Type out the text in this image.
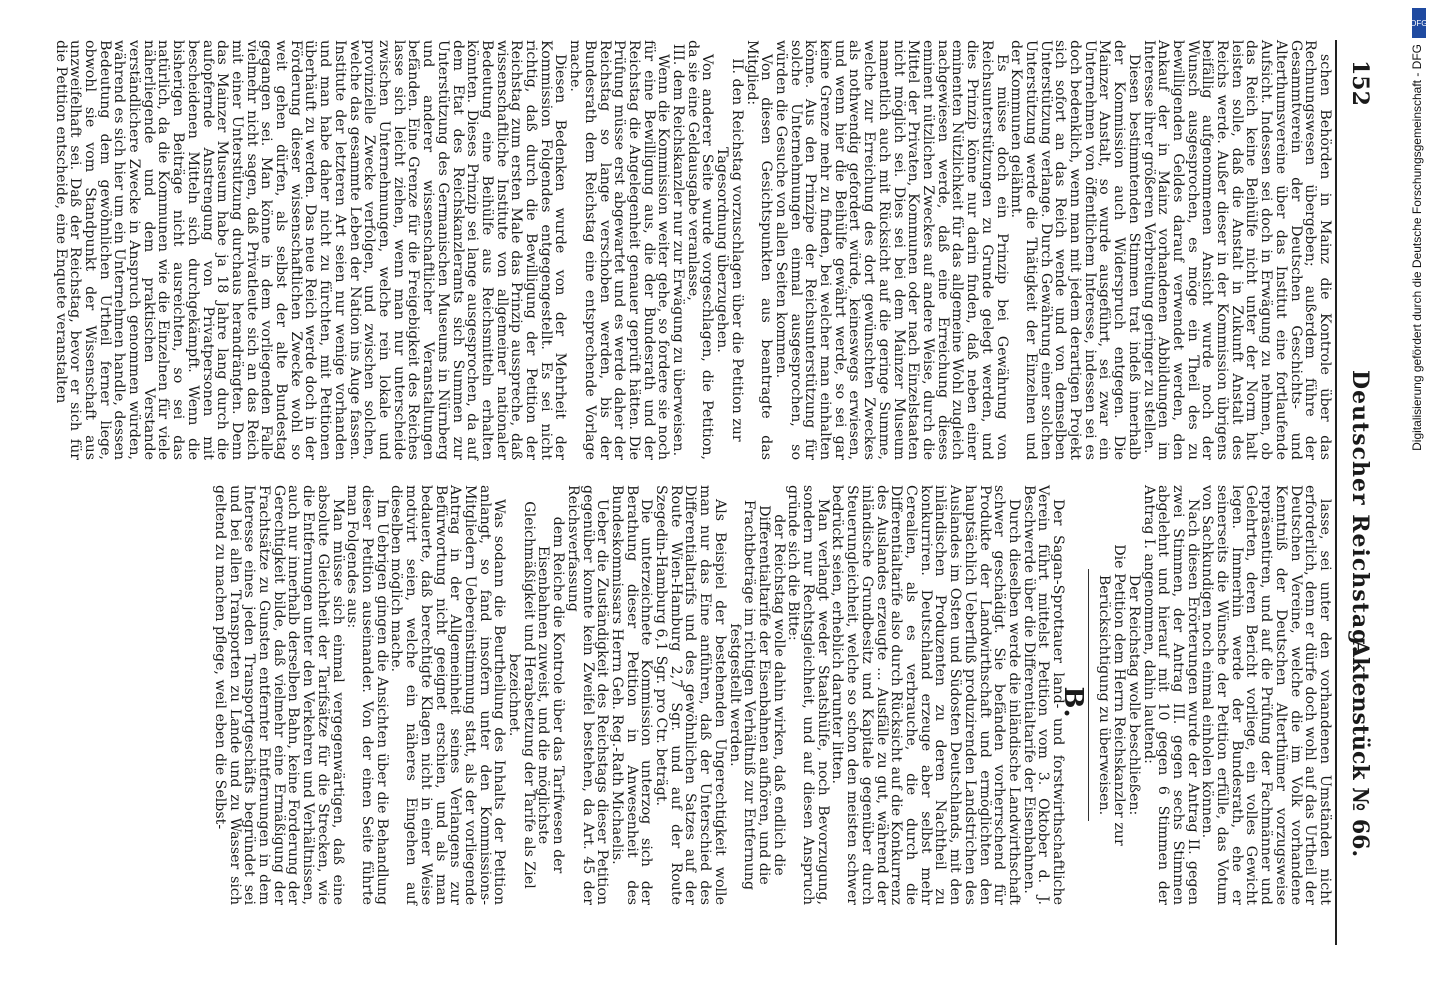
152
Deutscher Reichstag.
Aktenstück № 66.

schen Behörden in Mainz die Kontrole über das Rechnungswesen übergeben; außerdem führe der Gesammtverein der Deutschen Geschichts- und Alterthumsvereine über das Institut eine fortlaufende Aufsicht. Indessen sei doch in Erwägung zu nehmen, ob das Reich keine Beihülfe nicht unter der Norm halt leisten solle, daß die Anstalt in Zukunft Anstalt des Reichs werde. Außer dieser in der Kommission übrigens beifällig aufgenommenen Ansicht wurde noch der Wunsch ausgesprochen, es möge ein Theil des zu bewilligenden Geldes darauf verwendet werden, den Ankauf der in Mainz vorhandenen Abbildungen im Interesse ihrer größeren Verbreitung geringer zu stellen.

Diesen bestimmtenden Stimmen trat indeß innerhalb der Kommission auch Widerspruch entgegen. Die Mainzer Anstalt, so wurde ausgeführt, sei zwar ein Unternehmen von öffentlichem Interesse, indessen sei es doch bedenklich, wenn man mit jedem derartigen Projekt sich sofort an das Reich wende und von demselben Unterstützung verlange. Durch Gewährung einer solchen Unterstützung werde die Thätigkeit der Einzelnen und der Kommunen gelähmt.

Es müsse doch ein Prinzip bei Gewährung von Reichsunterstützungen zu Grunde gelegt werden, und dies Prinzip könne nur darin finden, daß neben einer eminenten Nützlichkeit für das allgemeine Wohl zugleich nachgewiesen werde, daß eine Erreichung dieses eminent nützlichen Zweckes auf andere Weise, durch die Mittel der Privaten, Kommunen oder nach Einzelstaaten nicht möglich sei. Dies sei bei dem Mainzer Museum namentlich auch mit Rücksicht auf die geringe Summe, welche zur Erreichung des dort gewünschten Zweckes als nothwendig gefordert würde, keineswegs erwiesen, und wenn hier die Beihülfe gewährt werde, so sei gar keine Grenze mehr zu finden, bei welcher man einhalten könne. Aus den Prinzipe der Reichsunterstützung für solche Unternehmungen einmal ausgesprochen, so würden die Gesuche von allen Seiten kommen.

Von diesen Gesichtspunkten aus beantragte das Mitglied:

II. den Reichstag vorzuschlagen über die Petition zur Tagesordnung überzugehen.

Von anderer Seite wurde vorgeschlagen, die Petition, da sie eine Geldausgabe veranlasse,

III. dem Reichskanzler nur zur Erwägung zu überweisen.

Wenn die Kommission weiter gehe, so fordere sie noch für eine Bewilligung aus, die der Bundesrath und der Reichstag die Angelegenheit genauer geprüft hätten. Die Prüfung müsse erst abgewartet und es werde daher der Reichstag so lange verschoben werden, bis der Bundesrath dem Reichstag eine entsprechende Vorlage mache.

Diesen Bedenken wurde von der Mehrheit der Kommission Folgendes entgegengestellt. Es sei nicht richtig, daß durch die Bewilligung der Petition der Reichstag zum ersten Male das Prinzip ausspreche, daß wissenschaftliche Institute von allgemeiner nationaler Bedeutung eine Beihülfe aus Reichsmitteln erhalten könnten. Dieses Prinzip sei lange ausgesprochen, da auf dem Etat des Reichskanzleramts sich Summen zur Unterstützung des Germanischen Museums in Nürnberg und anderer wissenschaftlicher Veranstaltungen befänden. Eine Grenze für die Freigebigkeit des Reiches lasse sich leicht ziehen, wenn man nur unterscheide zwischen Unternehmungen, welche rein lokale und provinzielle Zwecke verfolgen, und zwischen solchen, welche das gesammte Leben der Nation ins Auge fassen. Institute der letzteren Art seien nur wenige vorhanden und man habe daher nicht zu fürchten, mit Petitionen überhäuft zu werden. Das neue Reich werde doch in der Förderung dieser wissenschaftlichen Zwecke wohl so weit gehen dürfen, als selbst der alte Bundestag gegangen sei. Man könne in dem vorliegenden Falle vielmehr nicht sagen, daß Privatleute sich an das Reich mit einer Unterstützung durchaus herandrängten. Denn das Mainzer Museum habe ja 18 Jahre lang durch die aufopfernde Anstrengung von Privatpersonen mit bescheidenen Mitteln sich durchgekämpft. Wenn die bisherigen Beiträge nicht ausreichten, so sei das natürlich, da die Kommunen wie die Einzelnen für viele näherliegende und dem praktischen Verstande verständlichere Zwecke in Anspruch genommen würden, während es sich hier um ein Unternehmen handle, dessen Bedeutung dem gewöhnlichen Urtheil ferner liege, obwohl sie vom Standpunkt der Wissenschaft aus unzweifelhaft sei. Daß der Reichstag, bevor er sich für die Petition entscheide, eine Enquete veranstalten

lasse, sei unter den vorhandenen Umständen nicht erforderlich, denn er dürfe doch wohl auf das Urtheil der Deutschen Vereine, welche die im Volk vorhandene Kenntniß der Deutschen Alterthümer vorzugsweise repräsentiren, und auf die Prüfung der Fachmänner und Gelehrten, deren Bericht vorliege, ein volles Gewicht legen. Immerhin werde der Bundesrath, ehe er seinerseits die Wünsche der Petition erfülle, das Votum von Sachkundigen noch einmal einholen können.

Nach diesen Erörterungen wurde der Antrag II. gegen zwei Stimmen, der Antrag III. gegen sechs Stimmen abgelehnt und hierauf mit 10 gegen 6 Stimmen der Antrag I. angenommen, dahin lautend:

Der Reichstag wolle beschließen:

Die Petition dem Herrn Reichskanzler zur Berücksichtigung zu überweisen.

B.

Der Sagan-Sprottauer land- und forstwirthschaftliche Verein führt mittelst Petition vom 3. Oktober d. J. Beschwerde über die Differentialtarife der Eisenbahnen.

Durch dieselben werde die inländische Landwirthschaft schwer geschädigt. Sie befänden vorherrschend für Produkte der Landwirthschaft und ermöglichten den hauptsächlich Ueberfluß produzirenden Landstrichen des Auslandes im Osten und Südosten Deutschlands, mit den inländischen Produzenten zu deren Nachtheil zu konkurriren. Deutschland erzeuge aber selbst mehr Cerealien, als es verbrauche, die durch die Differentialtarife also durch Rücksicht auf die Konkurrenz des Auslandes erzeugte ... Ausfälle zu gut, während der inländische Grundbesitz und Kapitale gegenüber durch Steuerungleichheit, welche so schon den meisten schwer bedrückt seien, erheblich darunter litten.

Man verlangt weder Staatshülfe, noch Bevorzugung, sondern nur Rechtsgleichheit, und auf diesen Anspruch gründe sich die Bitte:

der Reichstag wolle dahin wirken, daß endlich die Differentialtarife der Eisenbahnen aufhören, und die Frachtbeträge im richtigen Verhältniß zur Entfernung festgestellt werden.

Als Beispiel der bestehenden Ungerechtigkeit wolle man nur das Eine anführen, daß der Unterschied des Differentialtarifs und des gewöhnlichen Satzes auf der Route Wien-Hamburg 2,7 Sgr. und auf der Route Szegedin-Hamburg 6,1 Sgr. pro Ctr. beträgt.

Die unterzeichnete Kommission unterzog sich der Berathung dieser Petition in Anwesenheit des Bundeskommissars Herrn Geh. Reg.-Rath Michaelis.

Ueber die Zuständigkeit des Reichstags dieser Petition gegenüber konnte kein Zweifel bestehen, da Art. 45 der Reichsverfassung

dem Reiche die Kontrole über das Tarifwesen der Eisenbahnen zuweist, und die möglichste Gleichmäßigkeit und Herabsetzung der Tarife als Ziel bezeichnet.

Was sodann die Beurtheilung des Inhalts der Petition anlangt, so fand insofern unter den Kommissions-Mitgliedern Uebereinstimmung statt, als der vorliegende Antrag in der Allgemeinheit seines Verlangens zur Befürwortung nicht geeignet erschien, und als man bedauerte, daß berechtigte Klagen nicht in einer Weise motivirt seien, welche ein näheres Eingehen auf dieselben möglich mache.

Im Uebrigen gingen die Ansichten über die Behandlung dieser Petition auseinander. Von der einen Seite führte man Folgendes aus:

Man müsse sich einmal vergegenwärtigen, daß eine absolute Gleichheit der Tarifsätze für die Strecken, wie die Entfernungen unter den Verkehren und Verhältnissen, auch nur innerhalb derselben Bahn, keine Forderung der Gerechtigkeit bilde, daß vielmehr eine Ermäßigung der Frachtsätze zu Gunsten entfernter Entfernungen in dem Interesse eines jeden Transportgeschäfts begründet sei und bei allen Transporten zu Lande und zu Wasser sich geltend zu machen pflege, weil eben die Selbst-

DFG
Digitalisierung gefördert durch die Deutsche Forschungsgemeinschaft - DFG
